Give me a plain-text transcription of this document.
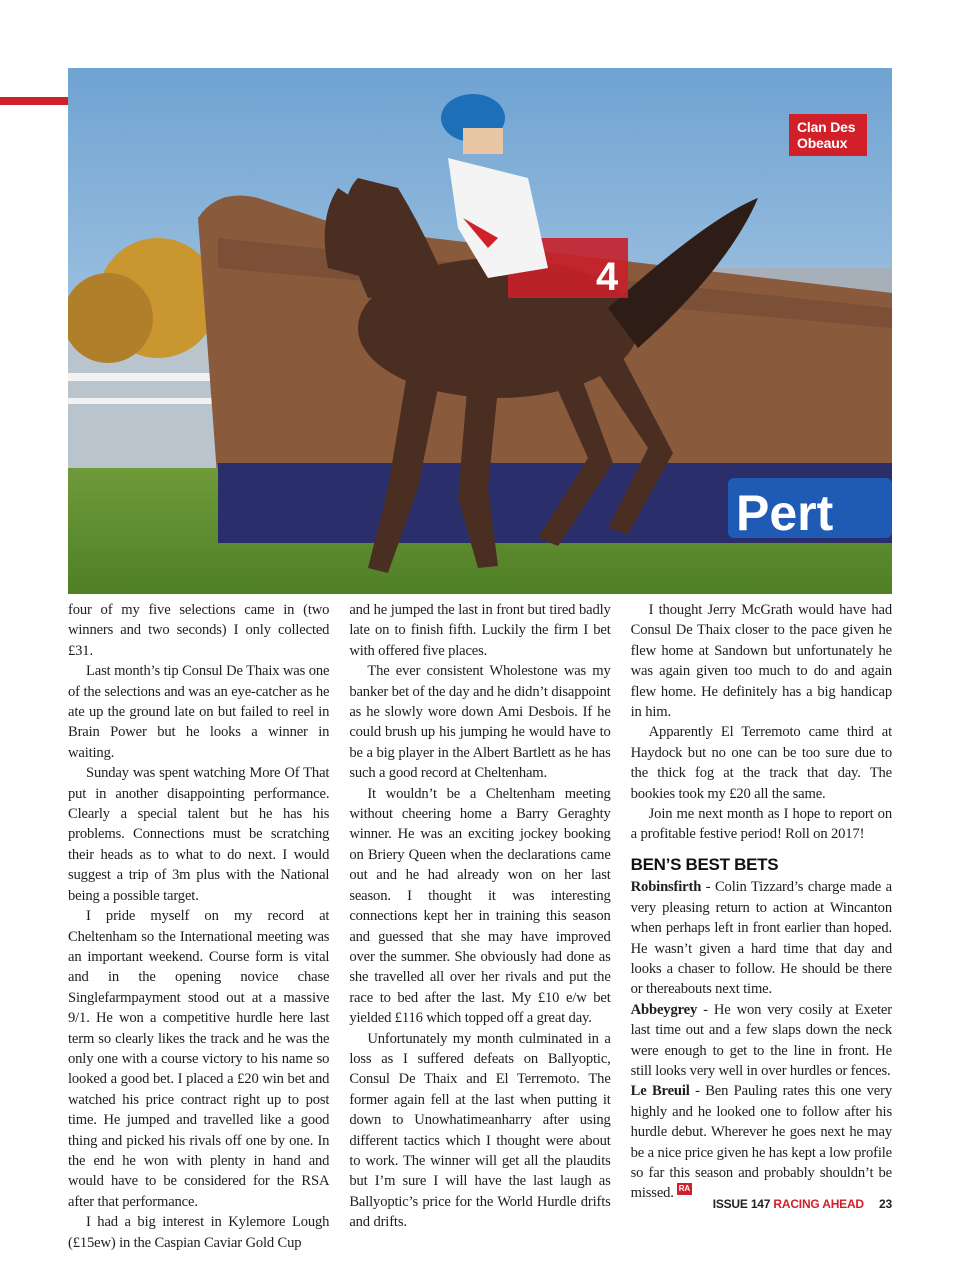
Pert
4
Clan Des Obeaux

four of my five selections came in (two winners and two seconds) I only collected £31.

Last month’s tip Consul De Thaix was one of the selections and was an eye-catcher as he ate up the ground late on but failed to reel in Brain Power but he looks a winner in waiting.

Sunday was spent watching More Of That put in another disappointing performance. Clearly a special talent but he has his problems. Connections must be scratching their heads as to what to do next. I would suggest a trip of 3m plus with the National being a possible target.

I pride myself on my record at Cheltenham so the International meeting was an important weekend. Course form is vital and in the opening novice chase Singlefarmpayment stood out at a massive 9/1. He won a competitive hurdle here last term so clearly likes the track and he was the only one with a course victory to his name so looked a good bet. I placed a £20 win bet and watched his price contract right up to post time. He jumped and travelled like a good thing and picked his rivals off one by one. In the end he won with plenty in hand and would have to be considered for the RSA after that performance.

I had a big interest in Kylemore Lough (£15ew) in the Caspian Caviar Gold Cup

and he jumped the last in front but tired badly late on to finish fifth. Luckily the firm I bet with offered five places.

The ever consistent Wholestone was my banker bet of the day and he didn’t disappoint as he slowly wore down Ami Desbois. If he could brush up his jumping he would have to be a big player in the Albert Bartlett as he has such a good record at Cheltenham.

It wouldn’t be a Cheltenham meeting without cheering home a Barry Geraghty winner. He was an exciting jockey booking on Briery Queen when the declarations came out and he had already won on her last season. I thought it was interesting connections kept her in training this season and guessed that she may have improved over the summer. She obviously had done as she travelled all over her rivals and put the race to bed after the last. My £10 e/w bet yielded £116 which topped off a great day.

Unfortunately my month culminated in a loss as I suffered defeats on Ballyoptic, Consul De Thaix and El Terremoto. The former again fell at the last when putting it down to Unowhatimeanharry after using different tactics which I thought were about to work. The winner will get all the plaudits but I’m sure I will have the last laugh as Ballyoptic’s price for the World Hurdle drifts and drifts.

I thought Jerry McGrath would have had Consul De Thaix closer to the pace given he flew home at Sandown but unfortunately he was again given too much to do and again flew home. He definitely has a big handicap in him.

Apparently El Terremoto came third at Haydock but no one can be too sure due to the thick fog at the track that day. The bookies took my £20 all the same.

Join me next month as I hope to report on a profitable festive period! Roll on 2017!

BEN’S BEST BETS

Robinsfirth - Colin Tizzard’s charge made a very pleasing return to action at Wincanton when perhaps left in front earlier than hoped. He wasn’t given a hard time that day and looks a chaser to follow. He should be there or thereabouts next time.

Abbeygrey - He won very cosily at Exeter last time out and a few slaps down the neck were enough to get to the line in front. He still looks very well in over hurdles or fences.

Le Breuil - Ben Pauling rates this one very highly and he looked one to follow after his hurdle debut. Wherever he goes next he may be a nice price given he has kept a low profile so far this season and probably shouldn’t be missed. RA

ISSUE 147 RACING AHEAD 23
